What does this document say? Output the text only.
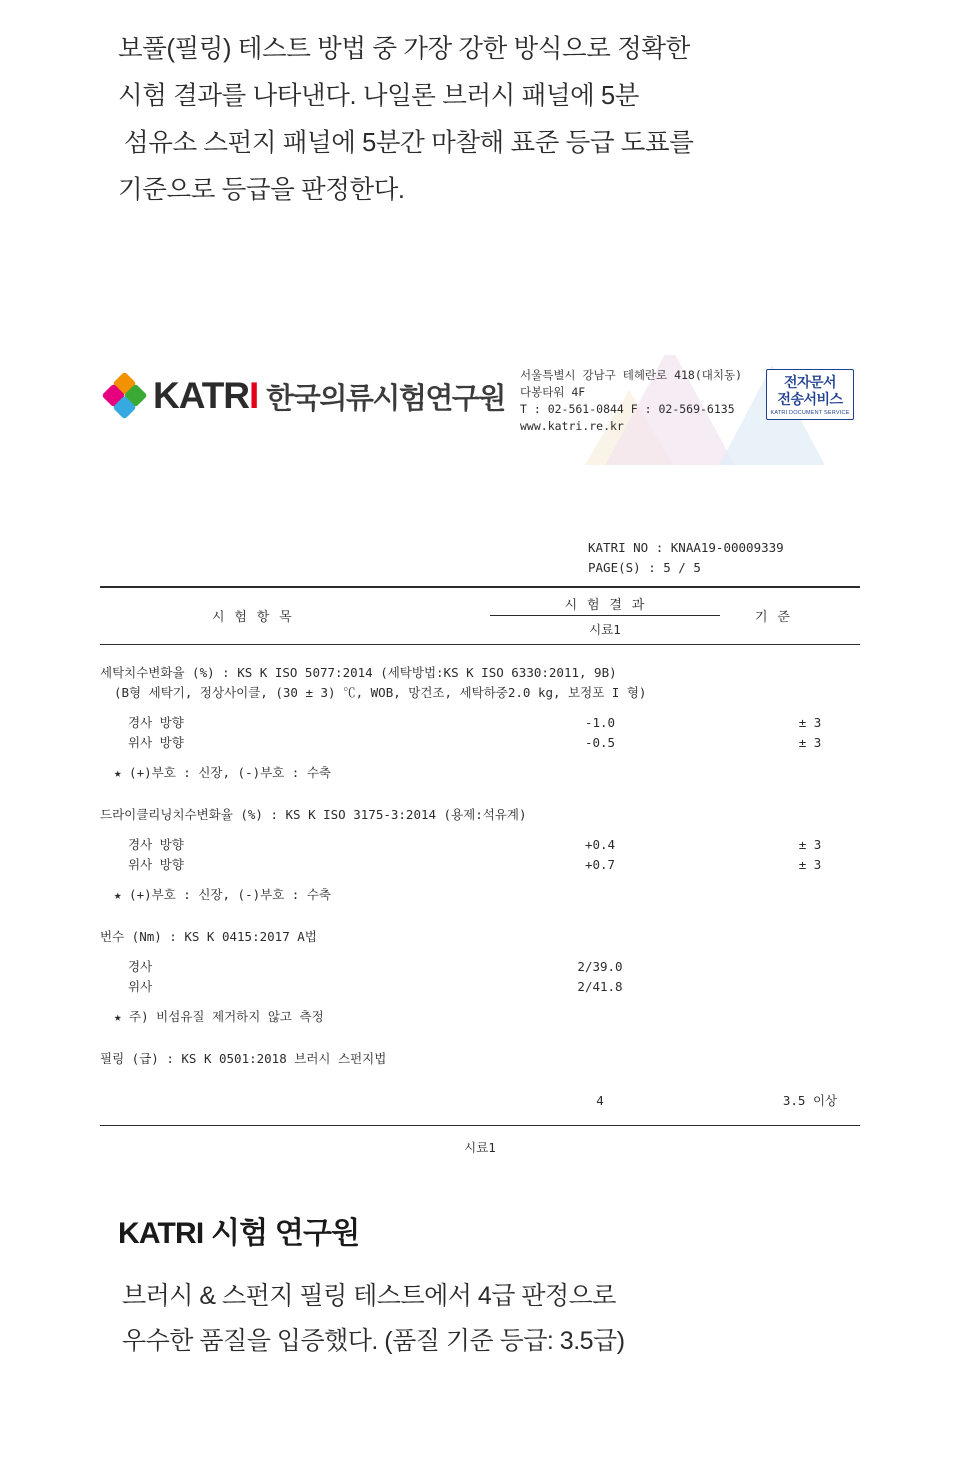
보풀(필링) 테스트 방법 중 가장 강한 방식으로 정확한

시험 결과를 나타낸다. 나일론 브러시 패널에 5분

섬유소 스펀지 패널에 5분간 마찰해 표준 등급 도표를

기준으로 등급을 판정한다.

KATRI 한국의류시험연구원
서울특별시 강남구 테헤란로 418(대치동)
다봉타워 4F
T : 02-561-0844 F : 02-569-6135
www.katri.re.kr
전자문서
전송서비스
KATRI DOCUMENT SERVICE
KATRI NO : KNAA19-00009339
PAGE(S) : 5 / 5
시 험 항 목
시 험 결 과
시료1
기 준
세탁치수변화율 (%) : KS K ISO 5077:2014 (세탁방법:KS K ISO 6330:2011, 9B)
(B형 세탁기, 정상사이클, (30 ± 3) ℃, WOB, 망건조, 세탁하중2.0 kg, 보정포 I 형)
경사 방향	-1.0	± 3
위사 방향	-0.5	± 3
★ (+)부호 : 신장, (-)부호 : 수축
드라이클리닝치수변화율 (%) : KS K ISO 3175-3:2014 (용제:석유계)
경사 방향	+0.4	± 3
위사 방향	+0.7	± 3
★ (+)부호 : 신장, (-)부호 : 수축
번수 (Nm) : KS K 0415:2017 A법
경사	2/39.0
위사	2/41.8
★ 주) 비섬유질 제거하지 않고 측정
필링 (급) : KS K 0501:2018 브러시 스펀지법
4	3.5 이상
시료1
KATRI 시험 연구원

브러시 & 스펀지 필링 테스트에서 4급 판정으로

우수한 품질을 입증했다. (품질 기준 등급: 3.5급)
